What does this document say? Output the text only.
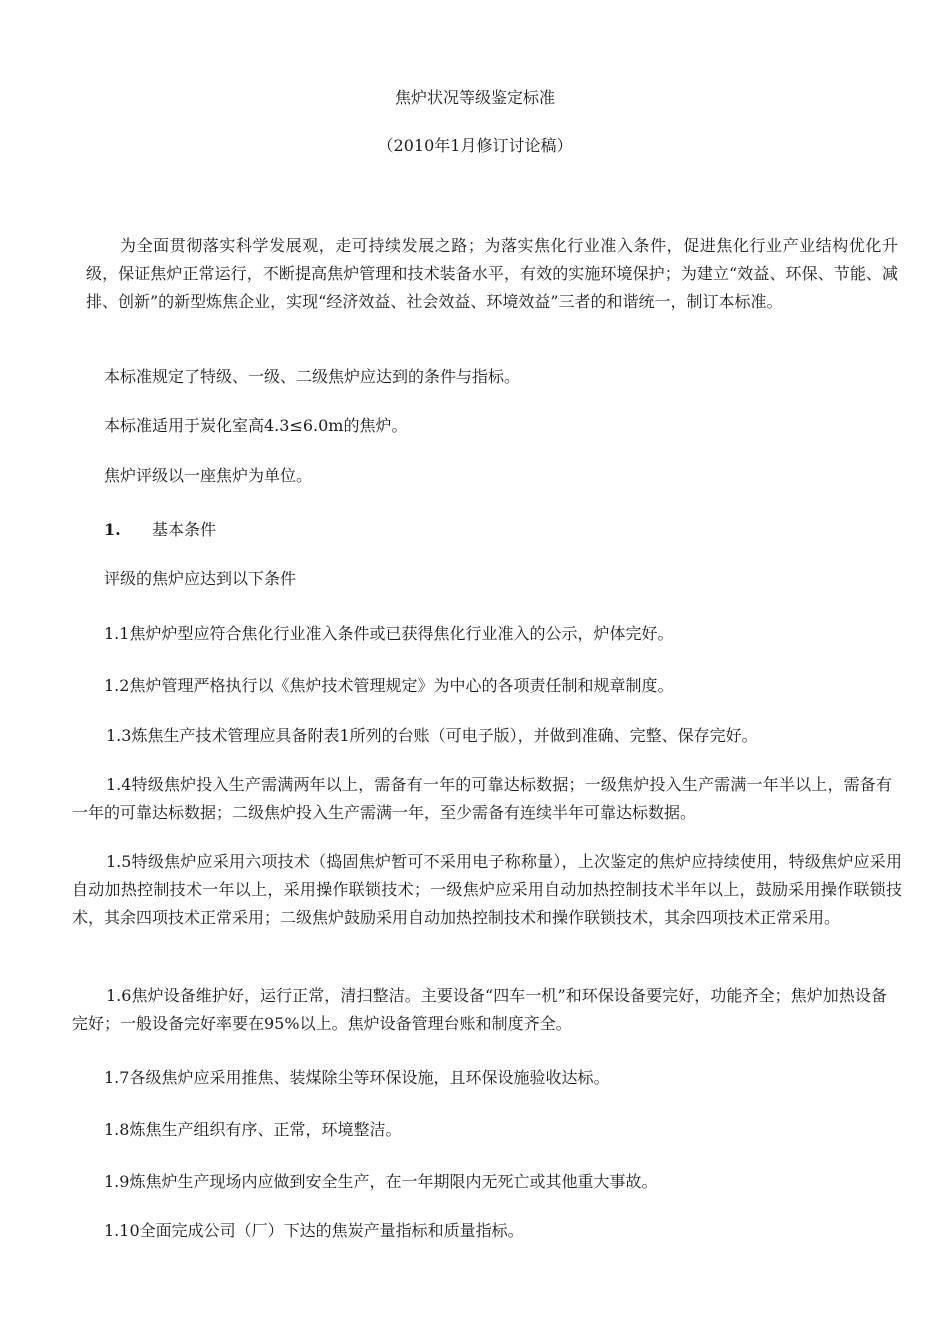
焦炉状况等级鉴定标准
（2010年1月修订讨论稿）

为全面贯彻落实科学发展观，走可持续发展之路；为落实焦化行业准入条件，促进焦化行业产业结构优化升级，保证焦炉正常运行，不断提高焦炉管理和技术装备水平，有效的实施环境保护；为建立“效益、环保、节能、减排、创新”的新型炼焦企业，实现“经济效益、社会效益、环境效益”三者的和谐统一，制订本标准。

本标准规定了特级、一级、二级焦炉应达到的条件与指标。
本标准适用于炭化室高4.3≤6.0m的焦炉。
焦炉评级以一座焦炉为单位。
1. 基本条件
评级的焦炉应达到以下条件
1.1焦炉炉型应符合焦化行业准入条件或已获得焦化行业准入的公示，炉体完好。
1.2焦炉管理严格执行以《焦炉技术管理规定》为中心的各项责任制和规章制度。
1.3炼焦生产技术管理应具备附表1所列的台账（可电子版），并做到准确、完整、保存完好。

1.4特级焦炉投入生产需满两年以上，需备有一年的可靠达标数据；一级焦炉投入生产需满一年半以上，需备有一年的可靠达标数据；二级焦炉投入生产需满一年，至少需备有连续半年可靠达标数据。

1.5特级焦炉应采用六项技术（捣固焦炉暂可不采用电子称称量），上次鉴定的焦炉应持续使用，特级焦炉应采用自动加热控制技术一年以上，采用操作联锁技术；一级焦炉应采用自动加热控制技术半年以上，鼓励采用操作联锁技术，其余四项技术正常采用；二级焦炉鼓励采用自动加热控制技术和操作联锁技术，其余四项技术正常采用。

1.6焦炉设备维护好，运行正常，清扫整洁。主要设备“四车一机”和环保设备要完好，功能齐全；焦炉加热设备完好；一般设备完好率要在95%以上。焦炉设备管理台账和制度齐全。

1.7各级焦炉应采用推焦、装煤除尘等环保设施，且环保设施验收达标。
1.8炼焦生产组织有序、正常，环境整洁。
1.9炼焦炉生产现场内应做到安全生产，在一年期限内无死亡或其他重大事故。
1.10全面完成公司（厂）下达的焦炭产量指标和质量指标。
